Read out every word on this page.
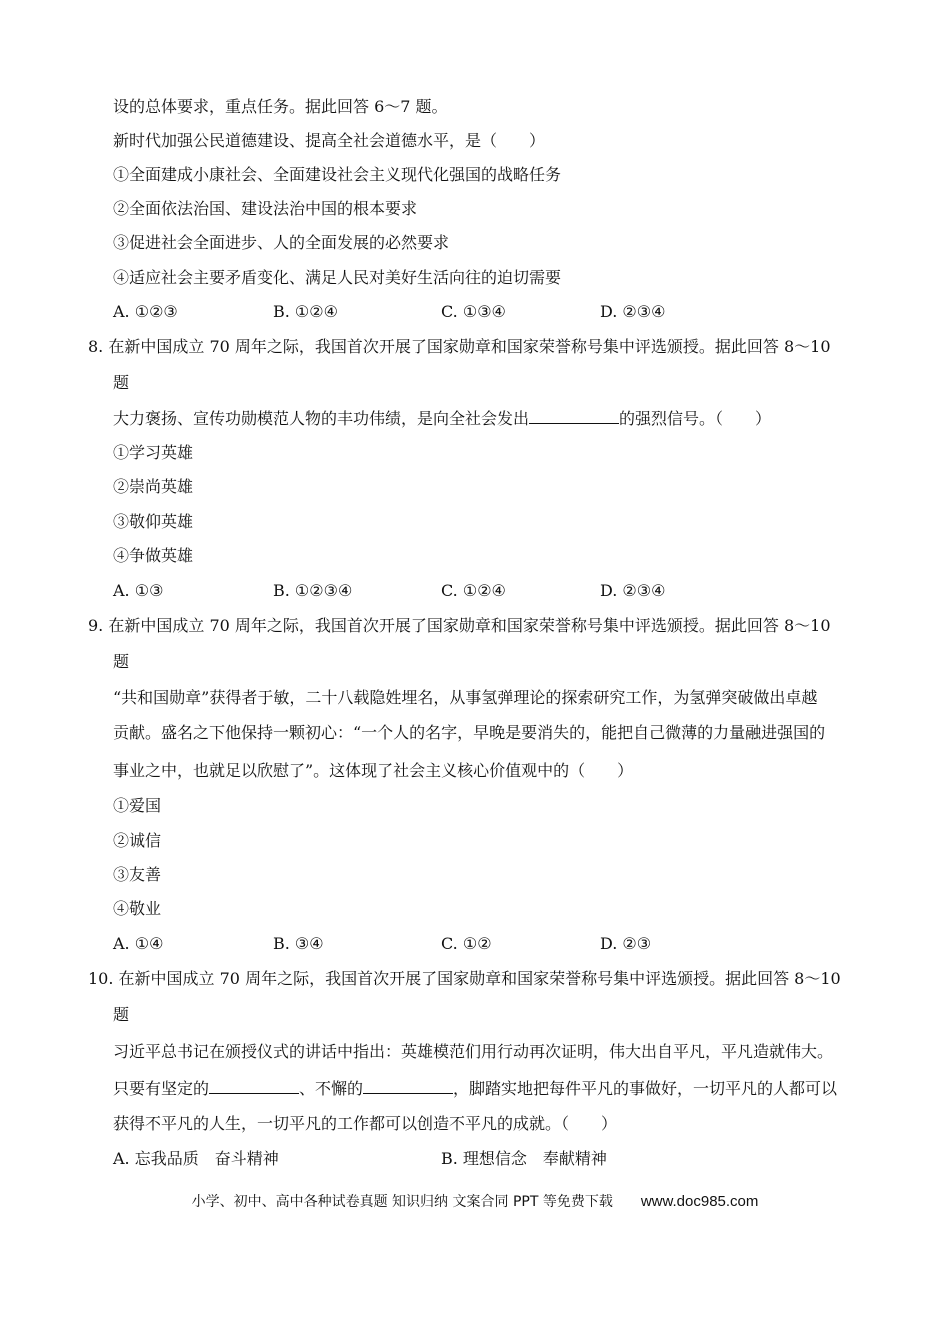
设的总体要求，重点任务。据此回答 6～7 题。
新时代加强公民道德建设、提高全社会道德水平，是（　　）
①全面建成小康社会、全面建设社会主义现代化强国的战略任务
②全面依法治国、建设法治中国的根本要求
③促进社会全面进步、人的全面发展的必然要求
④适应社会主要矛盾变化、满足人民对美好生活向往的迫切需要
A. ①②③	B. ①②④	C. ①③④	D. ②③④
8. 在新中国成立 70 周年之际，我国首次开展了国家勋章和国家荣誉称号集中评选颁授。据此回答 8～10
题
大力褒扬、宣传功勋模范人物的丰功伟绩，是向全社会发出	的强烈信号。（　　）
①学习英雄
②崇尚英雄
③敬仰英雄
④争做英雄
A. ①③	B. ①②③④	C. ①②④	D. ②③④
9. 在新中国成立 70 周年之际，我国首次开展了国家勋章和国家荣誉称号集中评选颁授。据此回答 8～10
题
“共和国勋章”获得者于敏，二十八载隐姓埋名，从事氢弹理论的探索研究工作，为氢弹突破做出卓越
贡献。盛名之下他保持一颗初心：“一个人的名字，早晚是要消失的，能把自己微薄的力量融进强国的
事业之中，也就足以欣慰了”。这体现了社会主义核心价值观中的（　　）
①爱国
②诚信
③友善
④敬业
A. ①④	B. ③④	C. ①②	D. ②③
10. 在新中国成立 70 周年之际，我国首次开展了国家勋章和国家荣誉称号集中评选颁授。据此回答 8～10
题
习近平总书记在颁授仪式的讲话中指出：英雄模范们用行动再次证明，伟大出自平凡，平凡造就伟大。
只要有坚定的	、不懈的	，脚踏实地把每件平凡的事做好，一切平凡的人都可以
获得不平凡的人生，一切平凡的工作都可以创造不平凡的成就。（　　）
A. 忘我品质　奋斗精神	B. 理想信念　奉献精神
小学、初中、高中各种试卷真题 知识归纳 文案合同 PPT 等免费下载 www.doc985.com
